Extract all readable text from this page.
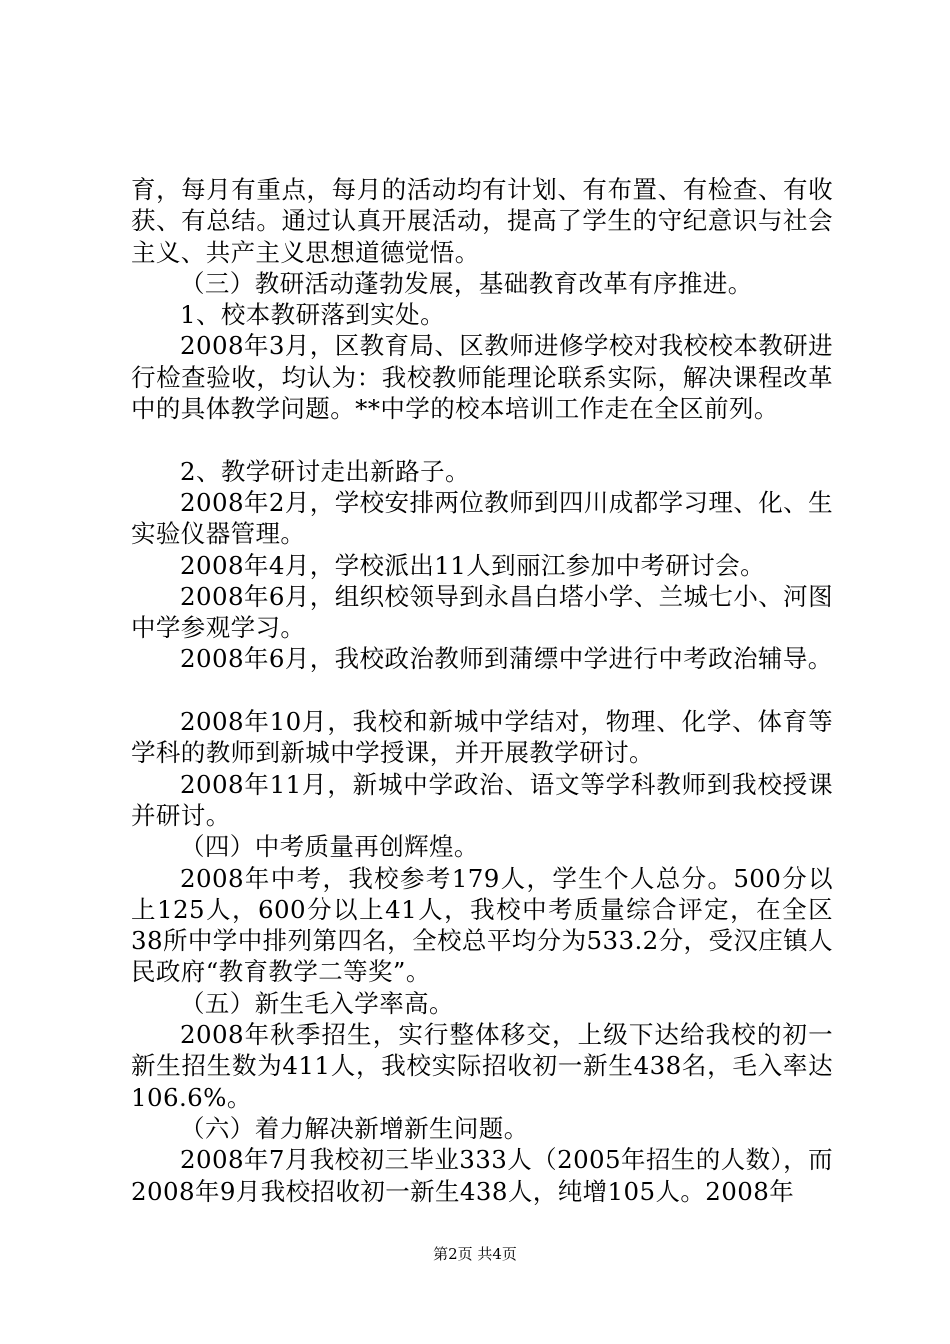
育，每月有重点，每月的活动均有计划、有布置、有检查、有收获、有总结。通过认真开展活动，提高了学生的守纪意识与社会主义、共产主义思想道德觉悟。

（三）教研活动蓬勃发展，基础教育改革有序推进。

1、校本教研落到实处。

2008年3月，区教育局、区教师进修学校对我校校本教研进行检查验收，均认为：我校教师能理论联系实际，解决课程改革中的具体教学问题。**中学的校本培训工作走在全区前列。

2、教学研讨走出新路子。

2008年2月，学校安排两位教师到四川成都学习理、化、生实验仪器管理。

2008年4月，学校派出11人到丽江参加中考研讨会。

2008年6月，组织校领导到永昌白塔小学、兰城七小、河图中学参观学习。

2008年6月，我校政治教师到蒲缥中学进行中考政治辅导。

2008年10月，我校和新城中学结对，物理、化学、体育等学科的教师到新城中学授课，并开展教学研讨。

2008年11月，新城中学政治、语文等学科教师到我校授课并研讨。

（四）中考质量再创辉煌。

2008年中考，我校参考179人，学生个人总分。500分以上125人，600分以上41人，我校中考质量综合评定，在全区38所中学中排列第四名，全校总平均分为533.2分，受汉庄镇人民政府“教育教学二等奖”。

（五）新生毛入学率高。

2008年秋季招生，实行整体移交，上级下达给我校的初一新生招生数为411人，我校实际招收初一新生438名，毛入率达106.6%。

（六）着力解决新增新生问题。

2008年7月我校初三毕业333人（2005年招生的人数），而2008年9月我校招收初一新生438人，纯增105人。2008年

第2页 共4页
